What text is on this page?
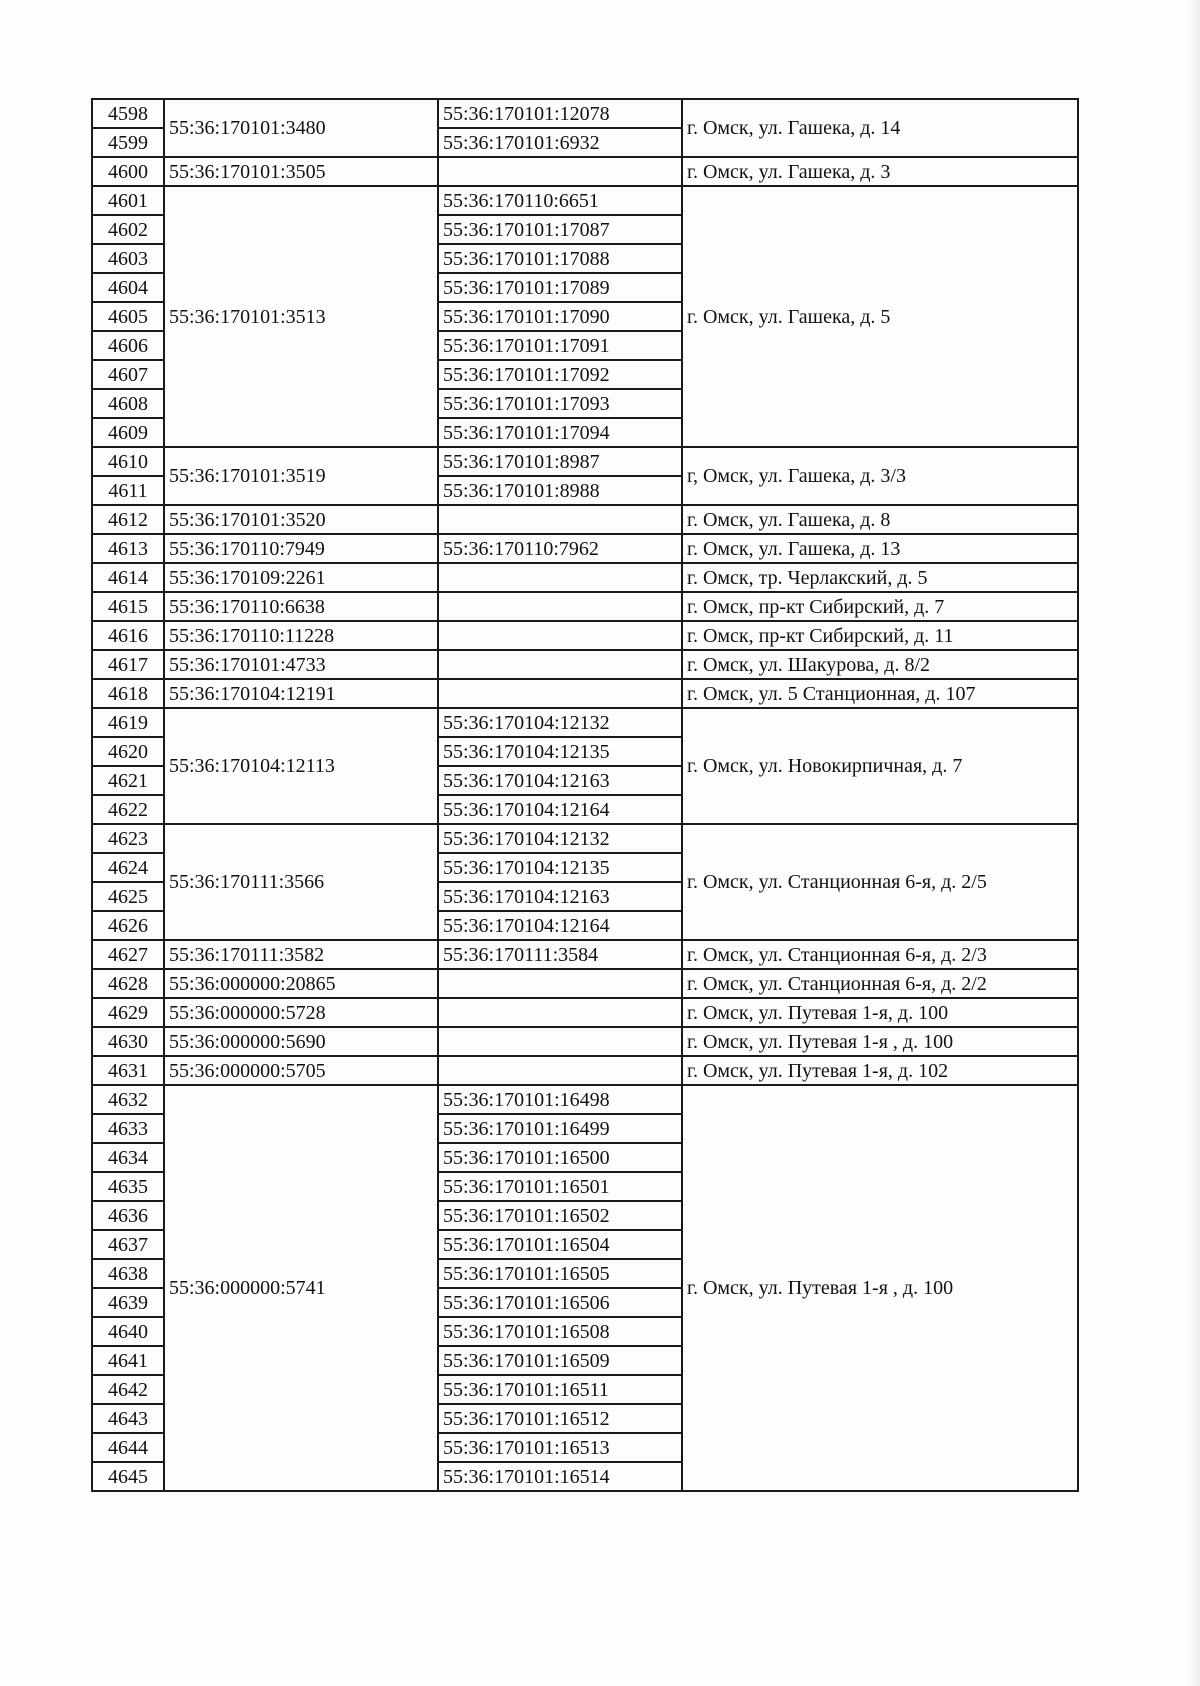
4598	55:36:170101:3480	55:36:170101:12078	г. Омск, ул. Гашека, д. 14
4599		55:36:170101:6932	
4600	55:36:170101:3505		г. Омск, ул. Гашека, д. 3
4601	55:36:170101:3513	55:36:170110:6651	г. Омск, ул. Гашека, д. 5
4602		55:36:170101:17087	
4603		55:36:170101:17088	
4604		55:36:170101:17089	
4605		55:36:170101:17090	
4606		55:36:170101:17091	
4607		55:36:170101:17092	
4608		55:36:170101:17093	
4609		55:36:170101:17094	
4610	55:36:170101:3519	55:36:170101:8987	г, Омск, ул. Гашека, д. 3/3
4611		55:36:170101:8988	
4612	55:36:170101:3520		г. Омск, ул. Гашека, д. 8
4613	55:36:170110:7949	55:36:170110:7962	г. Омск, ул. Гашека, д. 13
4614	55:36:170109:2261		г. Омск, тр. Черлакский, д. 5
4615	55:36:170110:6638		г. Омск, пр-кт Сибирский, д. 7
4616	55:36:170110:11228		г. Омск, пр-кт Сибирский, д. 11
4617	55:36:170101:4733		г. Омск, ул. Шакурова, д. 8/2
4618	55:36:170104:12191		г. Омск, ул. 5 Станционная, д. 107
4619	55:36:170104:12113	55:36:170104:12132	г. Омск, ул. Новокирпичная, д. 7
4620		55:36:170104:12135	
4621		55:36:170104:12163	
4622		55:36:170104:12164	
4623	55:36:170111:3566	55:36:170104:12132	г. Омск, ул. Станционная 6-я, д. 2/5
4624		55:36:170104:12135	
4625		55:36:170104:12163	
4626		55:36:170104:12164	
4627	55:36:170111:3582	55:36:170111:3584	г. Омск, ул. Станционная 6-я, д. 2/3
4628	55:36:000000:20865		г. Омск, ул. Станционная 6-я, д. 2/2
4629	55:36:000000:5728		г. Омск, ул. Путевая 1-я, д. 100
4630	55:36:000000:5690		г. Омск, ул. Путевая 1-я , д. 100
4631	55:36:000000:5705		г. Омск, ул. Путевая 1-я, д. 102
4632	55:36:000000:5741	55:36:170101:16498	г. Омск, ул. Путевая 1-я , д. 100
4633		55:36:170101:16499	
4634		55:36:170101:16500	
4635		55:36:170101:16501	
4636		55:36:170101:16502	
4637		55:36:170101:16504	
4638		55:36:170101:16505	
4639		55:36:170101:16506	
4640		55:36:170101:16508	
4641		55:36:170101:16509	
4642		55:36:170101:16511	
4643		55:36:170101:16512	
4644		55:36:170101:16513	
4645		55:36:170101:16514	
